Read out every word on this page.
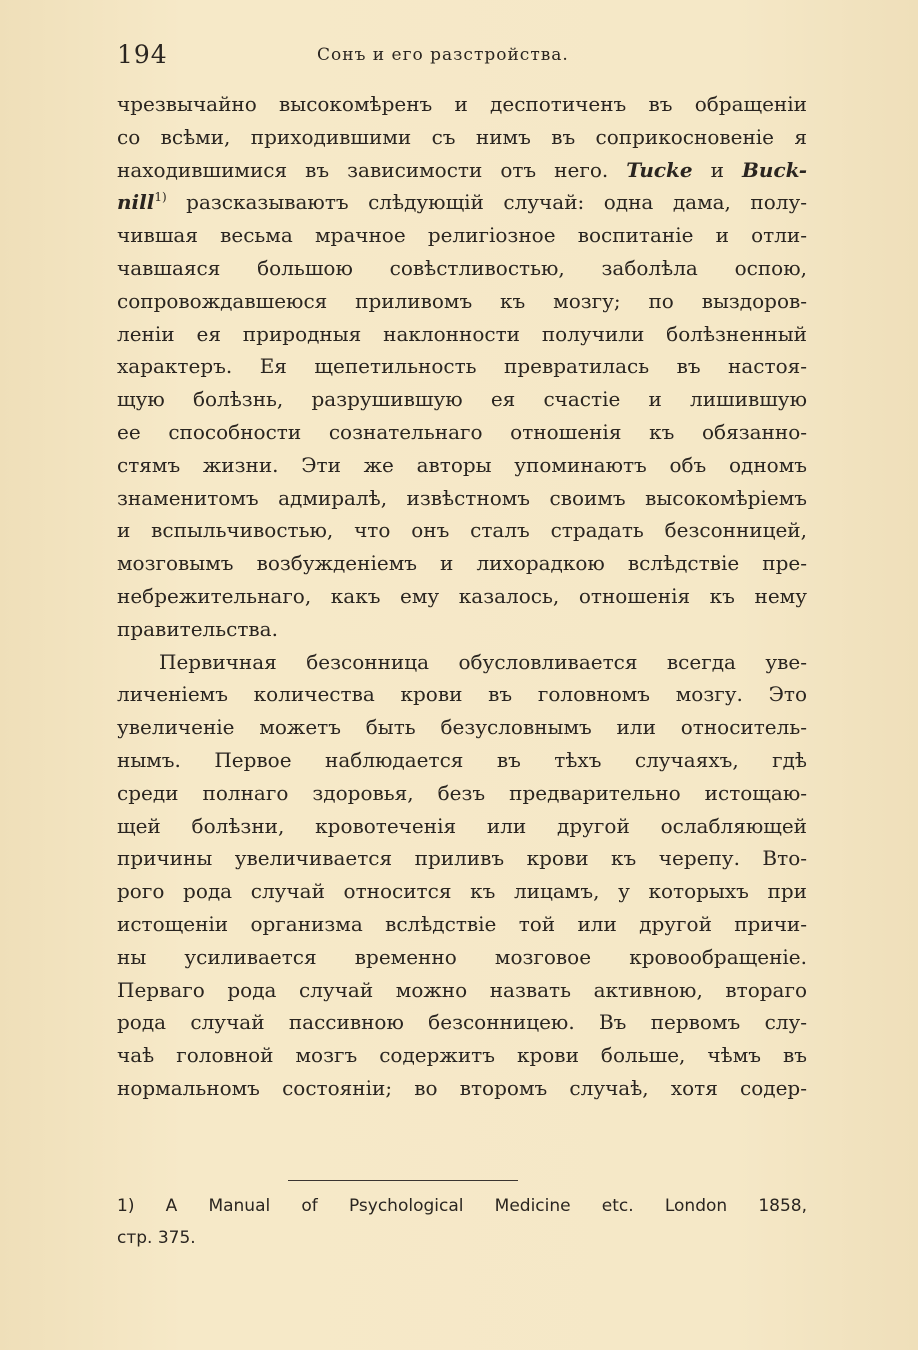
194	Сонъ и его разстройства.
чрезвычайно высокомѣренъ и деспотиченъ въ обращеніи
со всѣми, приходившими съ нимъ въ соприкосновеніе я
находившимися въ зависимости отъ него. Tucke и Buck-
nill$^{1)}$ разсказываютъ слѣдующій случай: одна дама, полу-
чившая весьма мрачное религіозное воспитаніе и отли-
чавшаяся большою совѣстливостью, заболѣла оспою,
сопровождавшеюся приливомъ къ мозгу; по выздоров-
леніи ея природныя наклонности получили болѣзненный
характеръ. Ея щепетильность превратилась въ настоя-
щую болѣзнь, разрушившую ея счастіе и лишившую
ее способности сознательнаго отношенія къ обязанно-
стямъ жизни. Эти же авторы упоминаютъ объ одномъ
знаменитомъ адмиралѣ, извѣстномъ своимъ высокомѣріемъ
и вспыльчивостью, что онъ сталъ страдать безсонницей,
мозговымъ возбужденіемъ и лихорадкою вслѣдствіе пре-
небрежительнаго, какъ ему казалось, отношенія къ нему
правительства.
Первичная безсонница обусловливается всегда уве-
личеніемъ количества крови въ головномъ мозгу. Это
увеличеніе можетъ быть безусловнымъ или относитель-
нымъ. Первое наблюдается въ тѣхъ случаяхъ, гдѣ
среди полнаго здоровья, безъ предварительно истощаю-
щей болѣзни, кровотеченія или другой ослабляющей
причины увеличивается приливъ крови къ черепу. Вто-
рого рода случай относится къ лицамъ, у которыхъ при
истощеніи организма вслѣдствіе той или другой причи-
ны усиливается временно мозговое кровообращеніе.
Перваго рода случай можно назвать активною, втораго
рода случай пассивною безсонницею. Въ первомъ слу-
чаѣ головной мозгъ содержитъ крови больше, чѣмъ въ
нормальномъ состояніи; во второмъ случаѣ, хотя содер-
1) A Manual of Psychological Medicine etc. London 1858,
стр. 375.
